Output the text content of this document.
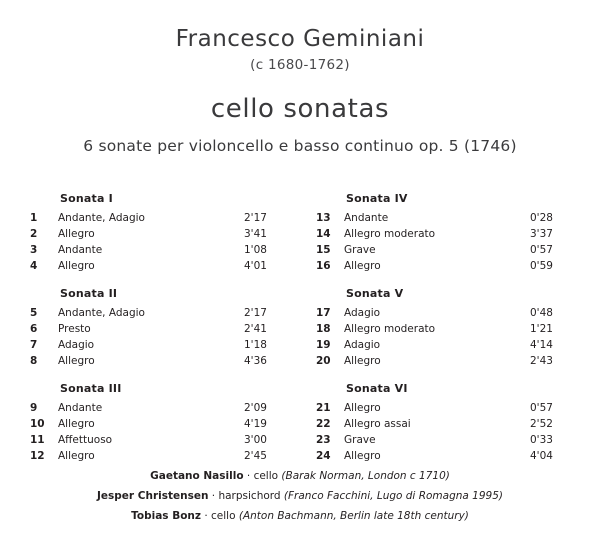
Francesco Geminiani
(c 1680-1762)
cello sonatas
6 sonate per violoncello e basso continuo op. 5 (1746)
Sonata I
1	Andante, Adagio	2'17
2	Allegro	3'41
3	Andante	1'08
4	Allegro	4'01
Sonata II
5	Andante, Adagio	2'17
6	Presto	2'41
7	Adagio	1'18
8	Allegro	4'36
Sonata III
9	Andante	2'09
10	Allegro	4'19
11	Affettuoso	3'00
12	Allegro	2'45
Sonata IV
13	Andante	0'28
14	Allegro moderato	3'37
15	Grave	0'57
16	Allegro	0'59
Sonata V
17	Adagio	0'48
18	Allegro moderato	1'21
19	Adagio	4'14
20	Allegro	2'43
Sonata VI
21	Allegro	0'57
22	Allegro assai	2'52
23	Grave	0'33
24	Allegro	4'04
Gaetano Nasillo · cello (Barak Norman, London c 1710)
Jesper Christensen · harpsichord (Franco Facchini, Lugo di Romagna 1995)
Tobias Bonz · cello (Anton Bachmann, Berlin late 18th century)
